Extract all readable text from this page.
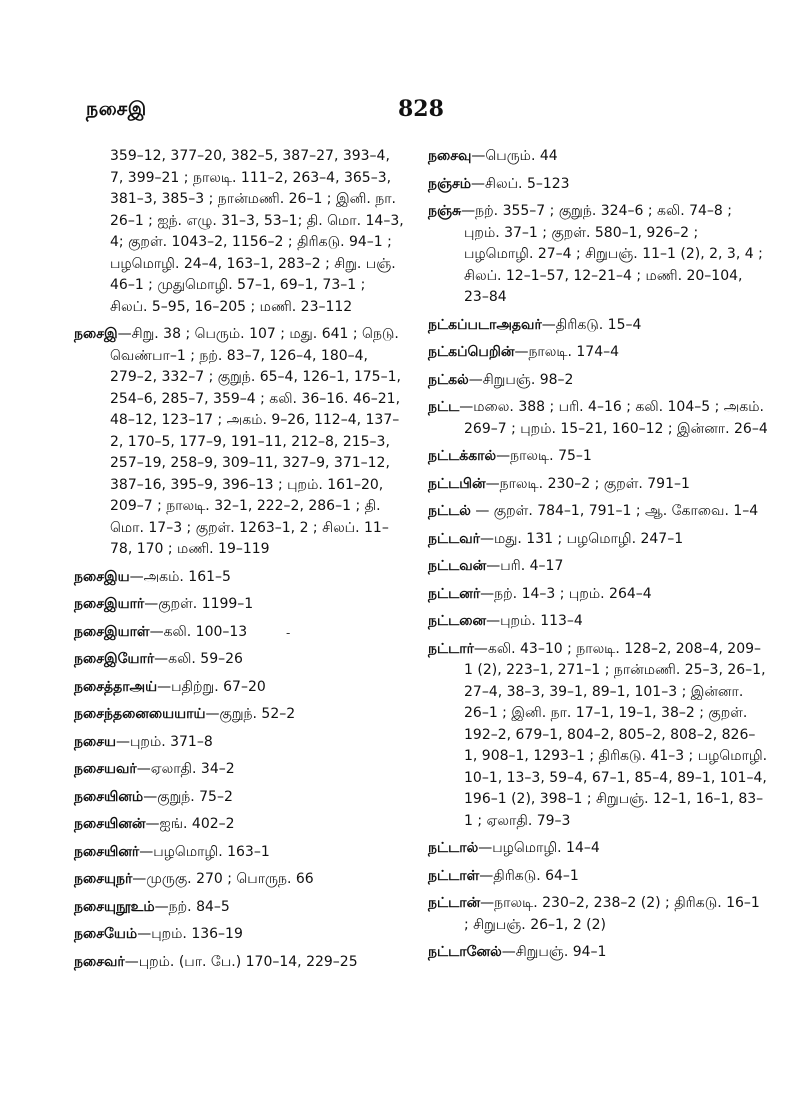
நசைஇ	828
359–12, 377–20, 382–5, 387–27, 393–4, 7, 399–21 ; நாலடி. 111–2, 263–4, 365–3, 381–3, 385–3 ; நான்மணி. 26–1 ; இனி. நா. 26–1 ; ஐந். எழு. 31–3, 53–1; தி. மொ. 14–3, 4; குறள். 1043–2, 1156–2 ; திரிகடு. 94–1 ; பழமொழி. 24–4, 163–1, 283–2 ; சிறு. பஞ். 46–1 ; முதுமொழி. 57–1, 69–1, 73–1 ; சிலப். 5–95, 16–205 ; மணி. 23–112
நசைஇ—சிறு. 38 ; பெரும். 107 ; மது. 641 ; நெடு. வெண்பா–1 ; நற். 83–7, 126–4, 180–4, 279–2, 332–7 ; குறுந். 65–4, 126–1, 175–1, 254–6, 285–7, 359–4 ; கலி. 36–16. 46–21, 48–12, 123–17 ; அகம். 9–26, 112–4, 137–2, 170–5, 177–9, 191–11, 212–8, 215–3, 257–19, 258–9, 309–11, 327–9, 371–12, 387–16, 395–9, 396–13 ; புறம். 161–20, 209–7 ; நாலடி. 32–1, 222–2, 286–1 ; தி. மொ. 17–3 ; குறள். 1263–1, 2 ; சிலப். 11–78, 170 ; மணி. 19–119
நசைஇய—அகம். 161–5
நசைஇயார்—குறள். 1199–1
நசைஇயாள்—கலி. 100–13
நசைஇயோர்—கலி. 59–26
நசைத்தாஅய்—பதிற்று. 67–20
நசைந்தனையையாய்—குறுந். 52–2
நசைய—புறம். 371–8
நசையவர்—ஏலாதி. 34–2
நசையினம்—குறுந். 75–2
நசையினன்—ஐங். 402–2
நசையினர்—பழமொழி. 163–1
நசையுநர்—முருகு. 270 ; பொருந. 66
நசையுநூஉம்—நற். 84–5
நசையேம்—புறம். 136–19
நசைவர்—புறம். (பா. பே.) 170–14, 229–25
-
நசைவு—பெரும். 44
நஞ்சம்—சிலப். 5–123
நஞ்சு—நற். 355–7 ; குறுந். 324–6 ; கலி. 74–8 ; புறம். 37–1 ; குறள். 580–1, 926–2 ; பழமொழி. 27–4 ; சிறுபஞ். 11–1 (2), 2, 3, 4 ; சிலப். 12–1–57, 12–21–4 ; மணி. 20–104, 23–84
நட்கப்படாஅதவர்—திரிகடு. 15–4
நட்கப்பெறின்—நாலடி. 174–4
நட்கல்—சிறுபஞ். 98–2
நட்ட—மலை. 388 ; பரி. 4–16 ; கலி. 104–5 ; அகம். 269–7 ; புறம். 15–21, 160–12 ; இன்னா. 26–4
நட்டக்கால்—நாலடி. 75–1
நட்டபின்—நாலடி. 230–2 ; குறள். 791–1
நட்டல் — குறள். 784–1, 791–1 ; ஆ. கோவை. 1–4
நட்டவர்—மது. 131 ; பழமொழி. 247–1
நட்டவன்—பரி. 4–17
நட்டனர்—நற். 14–3 ; புறம். 264–4
நட்டனை—புறம். 113–4
நட்டார்—கலி. 43–10 ; நாலடி. 128–2, 208–4, 209–1 (2), 223–1, 271–1 ; நான்மணி. 25–3, 26–1, 27–4, 38–3, 39–1, 89–1, 101–3 ; இன்னா. 26–1 ; இனி. நா. 17–1, 19–1, 38–2 ; குறள். 192–2, 679–1, 804–2, 805–2, 808–2, 826–1, 908–1, 1293–1 ; திரிகடு. 41–3 ; பழமொழி. 10–1, 13–3, 59–4, 67–1, 85–4, 89–1, 101–4, 196–1 (2), 398–1 ; சிறுபஞ். 12–1, 16–1, 83–1 ; ஏலாதி. 79–3
நட்டால்—பழமொழி. 14–4
நட்டாள்—திரிகடு. 64–1
நட்டான்—நாலடி. 230–2, 238–2 (2) ; திரிகடு. 16–1 ; சிறுபஞ். 26–1, 2 (2)
நட்டானேல்—சிறுபஞ். 94–1
